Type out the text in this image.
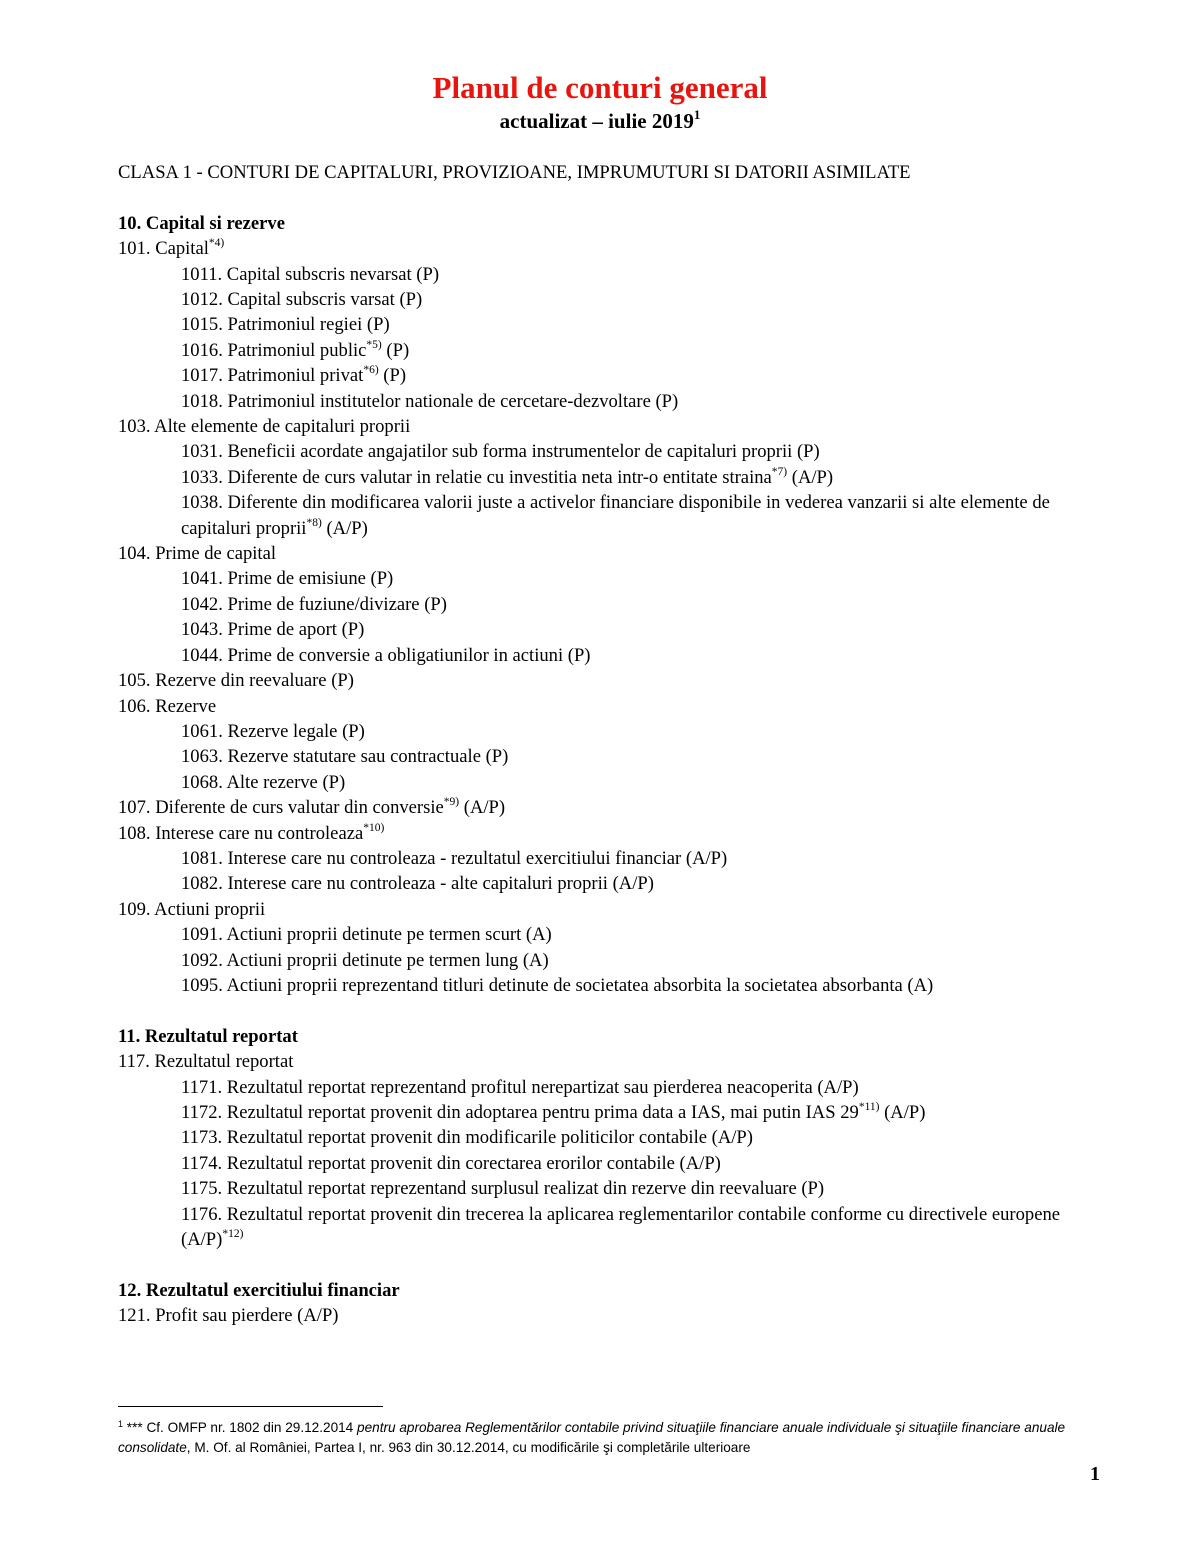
Planul de conturi general
actualizat – iulie 2019$^1$

CLASA 1 - CONTURI DE CAPITALURI, PROVIZIOANE, IMPRUMUTURI SI DATORII ASIMILATE

10. Capital si rezerve
101. Capital$^{*4)}$
1011. Capital subscris nevarsat (P)
1012. Capital subscris varsat (P)
1015. Patrimoniul regiei (P)
1016. Patrimoniul public$^{*5)}$ (P)
1017. Patrimoniul privat$^{*6)}$ (P)
1018. Patrimoniul institutelor nationale de cercetare-dezvoltare (P)
103. Alte elemente de capitaluri proprii
1031. Beneficii acordate angajatilor sub forma instrumentelor de capitaluri proprii (P)
1033. Diferente de curs valutar in relatie cu investitia neta intr-o entitate straina$^{*7)}$ (A/P)
1038. Diferente din modificarea valorii juste a activelor financiare disponibile in vederea vanzarii si alte elemente de capitaluri proprii$^{*8)}$ (A/P)
104. Prime de capital
1041. Prime de emisiune (P)
1042. Prime de fuziune/divizare (P)
1043. Prime de aport (P)
1044. Prime de conversie a obligatiunilor in actiuni (P)
105. Rezerve din reevaluare (P)
106. Rezerve
1061. Rezerve legale (P)
1063. Rezerve statutare sau contractuale (P)
1068. Alte rezerve (P)
107. Diferente de curs valutar din conversie$^{*9)}$ (A/P)
108. Interese care nu controleaza$^{*10)}$
1081. Interese care nu controleaza - rezultatul exercitiului financiar (A/P)
1082. Interese care nu controleaza - alte capitaluri proprii (A/P)
109. Actiuni proprii
1091. Actiuni proprii detinute pe termen scurt (A)
1092. Actiuni proprii detinute pe termen lung (A)
1095. Actiuni proprii reprezentand titluri detinute de societatea absorbita la societatea absorbanta (A)
11. Rezultatul reportat
117. Rezultatul reportat
1171. Rezultatul reportat reprezentand profitul nerepartizat sau pierderea neacoperita (A/P)
1172. Rezultatul reportat provenit din adoptarea pentru prima data a IAS, mai putin IAS 29$^{*11)}$ (A/P)
1173. Rezultatul reportat provenit din modificarile politicilor contabile (A/P)
1174. Rezultatul reportat provenit din corectarea erorilor contabile (A/P)
1175. Rezultatul reportat reprezentand surplusul realizat din rezerve din reevaluare (P)
1176. Rezultatul reportat provenit din trecerea la aplicarea reglementarilor contabile conforme cu directivele europene (A/P)$^{*12)}$
12. Rezultatul exercitiului financiar
121. Profit sau pierdere (A/P)
$^1$ *** Cf. OMFP nr. 1802 din 29.12.2014 pentru aprobarea Reglementărilor contabile privind situaţiile financiare anuale individuale şi situaţiile financiare anuale consolidate, M. Of. al României, Partea I, nr. 963 din 30.12.2014, cu modificările şi completările ulterioare
1
